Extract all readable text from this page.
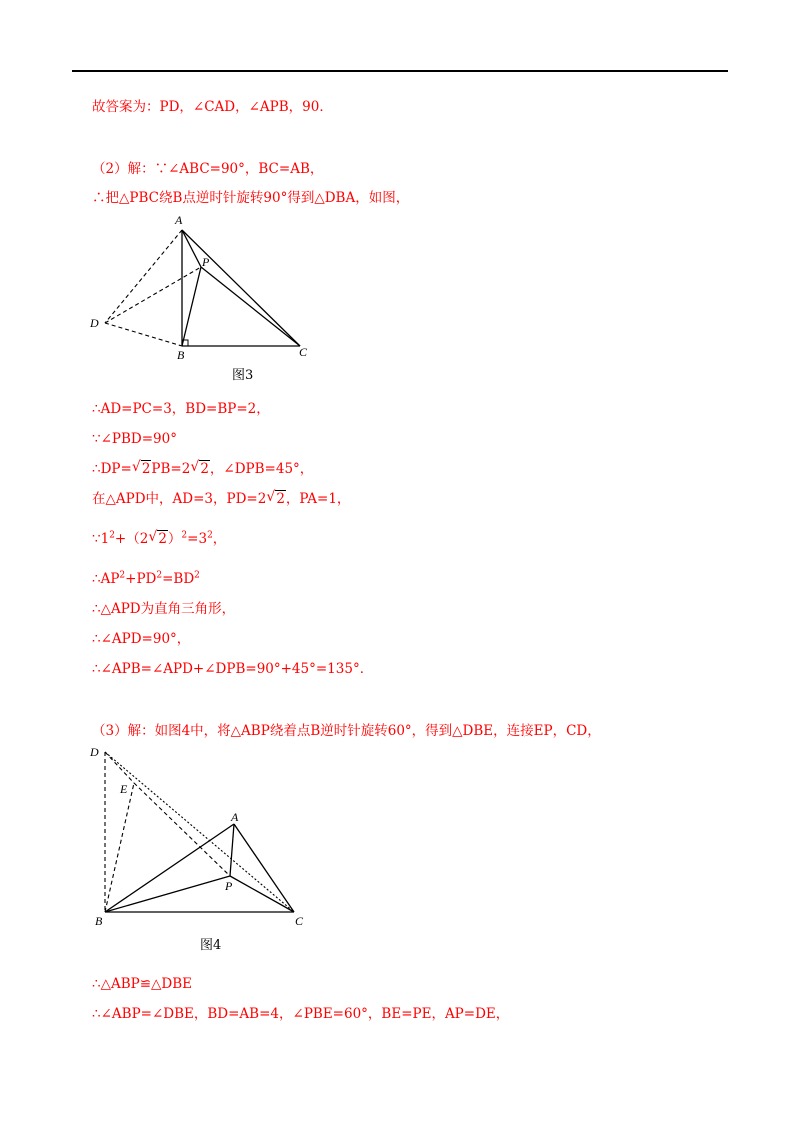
故答案为：PD，∠CAD，∠APB，90．
（2）解：∵∠ABC=90°，BC=AB，
∴把△PBC绕B点逆时针旋转90°得到△DBA，如图，
A
P
D
B	C
图3
∴AD=PC=3，BD=BP=2，
∵∠PBD=90°
∴DP= √ 2PB=2 √ 2，∠DPB=45°，
在△APD中，AD=3，PD=2 √ 2，PA=1，
$\because 1^2+(2$ √ $2)^2=3^2$，
$\therefore AP^2+PD^2=BD^2$
∴△APD为直角三角形，
∴∠APD=90°，
∴∠APB=∠APD+∠DPB=90°+45°=135°．
（3）解：如图4中，将△ABP绕着点B逆时针旋转60°，得到△DBE，连接EP，CD，
D
E
A
P
B	C
图4
∴△ABP≌△DBE
∴∠ABP=∠DBE，BD=AB=4，∠PBE=60°，BE=PE，AP=DE，
